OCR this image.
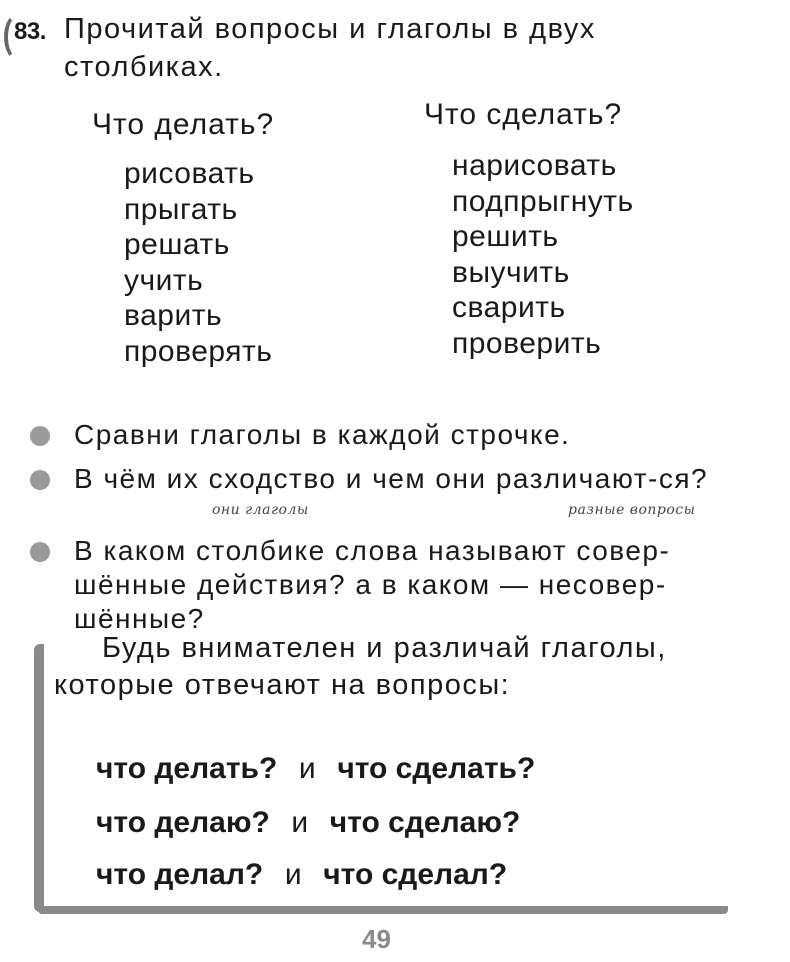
83. Прочитай вопросы и глаголы в двух столбиках.

Что делать?	Что сделать?
рисовать
прыгать
решать
учить
варить
проверять
нарисовать
подпрыгнуть
решить
выучить
сварить
проверить
Сравни глаголы в каждой строчке.
В чём их сходство и чем они различают-ся?
В каком столбике слова называют совер-шённые действия? а в каком — несовер-шённые?
они глаголы	разные вопросы

Будь внимателен и различай глаголы, которые отвечают на вопросы:

что делать? и что сделать?
что делаю? и что сделаю?
что делал? и что сделал?
49
